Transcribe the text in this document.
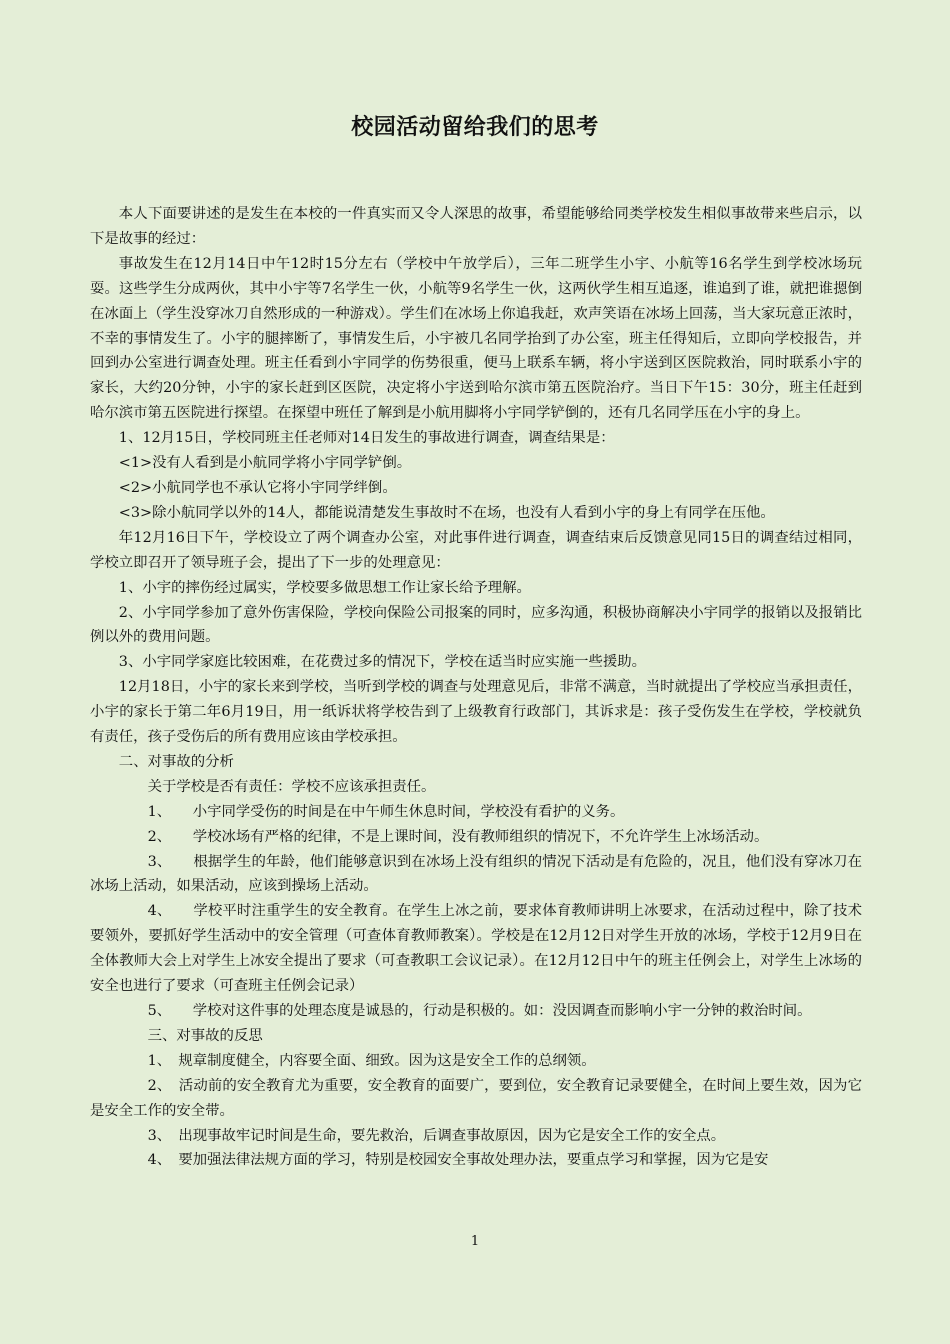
校园活动留给我们的思考

本人下面要讲述的是发生在本校的一件真实而又令人深思的故事，希望能够给同类学校发生相似事故带来些启示，以下是故事的经过：

事故发生在12月14日中午12时15分左右（学校中午放学后），三年二班学生小宇、小航等16名学生到学校冰场玩耍。这些学生分成两伙，其中小宇等7名学生一伙，小航等9名学生一伙，这两伙学生相互追逐，谁追到了谁，就把谁摁倒在冰面上（学生没穿冰刀自然形成的一种游戏）。学生们在冰场上你追我赶，欢声笑语在冰场上回荡，当大家玩意正浓时，不幸的事情发生了。小宇的腿摔断了，事情发生后，小宇被几名同学抬到了办公室，班主任得知后，立即向学校报告，并回到办公室进行调查处理。班主任看到小宇同学的伤势很重，便马上联系车辆，将小宇送到区医院救治，同时联系小宇的家长，大约20分钟，小宇的家长赶到区医院，决定将小宇送到哈尔滨市第五医院治疗。当日下午15：30分，班主任赶到哈尔滨市第五医院进行探望。在探望中班任了解到是小航用脚将小宇同学铲倒的，还有几名同学压在小宇的身上。

1、12月15日，学校同班主任老师对14日发生的事故进行调查，调查结果是：

<1>没有人看到是小航同学将小宇同学铲倒。

<2>小航同学也不承认它将小宇同学绊倒。

<3>除小航同学以外的14人，都能说清楚发生事故时不在场，也没有人看到小宇的身上有同学在压他。

年12月16日下午，学校设立了两个调查办公室，对此事件进行调查，调查结束后反馈意见同15日的调查结过相同，学校立即召开了领导班子会，提出了下一步的处理意见：

1、小宇的摔伤经过属实，学校要多做思想工作让家长给予理解。

2、小宇同学参加了意外伤害保险，学校向保险公司报案的同时，应多沟通，积极协商解决小宇同学的报销以及报销比例以外的费用问题。

3、小宇同学家庭比较困难，在花费过多的情况下，学校在适当时应实施一些援助。

12月18日，小宇的家长来到学校，当听到学校的调查与处理意见后，非常不满意，当时就提出了学校应当承担责任，小宇的家长于第二年6月19日，用一纸诉状将学校告到了上级教育行政部门，其诉求是：孩子受伤发生在学校，学校就负有责任，孩子受伤后的所有费用应该由学校承担。

二、对事故的分析

关于学校是否有责任：学校不应该承担责任。

1、　　小宇同学受伤的时间是在中午师生休息时间，学校没有看护的义务。

2、　　学校冰场有严格的纪律，不是上课时间，没有教师组织的情况下，不允许学生上冰场活动。

3、　　根据学生的年龄，他们能够意识到在冰场上没有组织的情况下活动是有危险的，况且，他们没有穿冰刀在冰场上活动，如果活动，应该到操场上活动。

4、　　学校平时注重学生的安全教育。在学生上冰之前，要求体育教师讲明上冰要求，在活动过程中，除了技术要领外，要抓好学生活动中的安全管理（可查体育教师教案）。学校是在12月12日对学生开放的冰场，学校于12月9日在全体教师大会上对学生上冰安全提出了要求（可查教职工会议记录）。在12月12日中午的班主任例会上，对学生上冰场的安全也进行了要求（可查班主任例会记录）

5、　　学校对这件事的处理态度是诚恳的，行动是积极的。如：没因调查而影响小宇一分钟的救治时间。

三、对事故的反思

1、　规章制度健全，内容要全面、细致。因为这是安全工作的总纲领。

2、　活动前的安全教育尤为重要，安全教育的面要广，要到位，安全教育记录要健全，在时间上要生效，因为它是安全工作的安全带。

3、　出现事故牢记时间是生命，要先救治，后调查事故原因，因为它是安全工作的安全点。

4、　要加强法律法规方面的学习，特别是校园安全事故处理办法，要重点学习和掌握，因为它是安

1
